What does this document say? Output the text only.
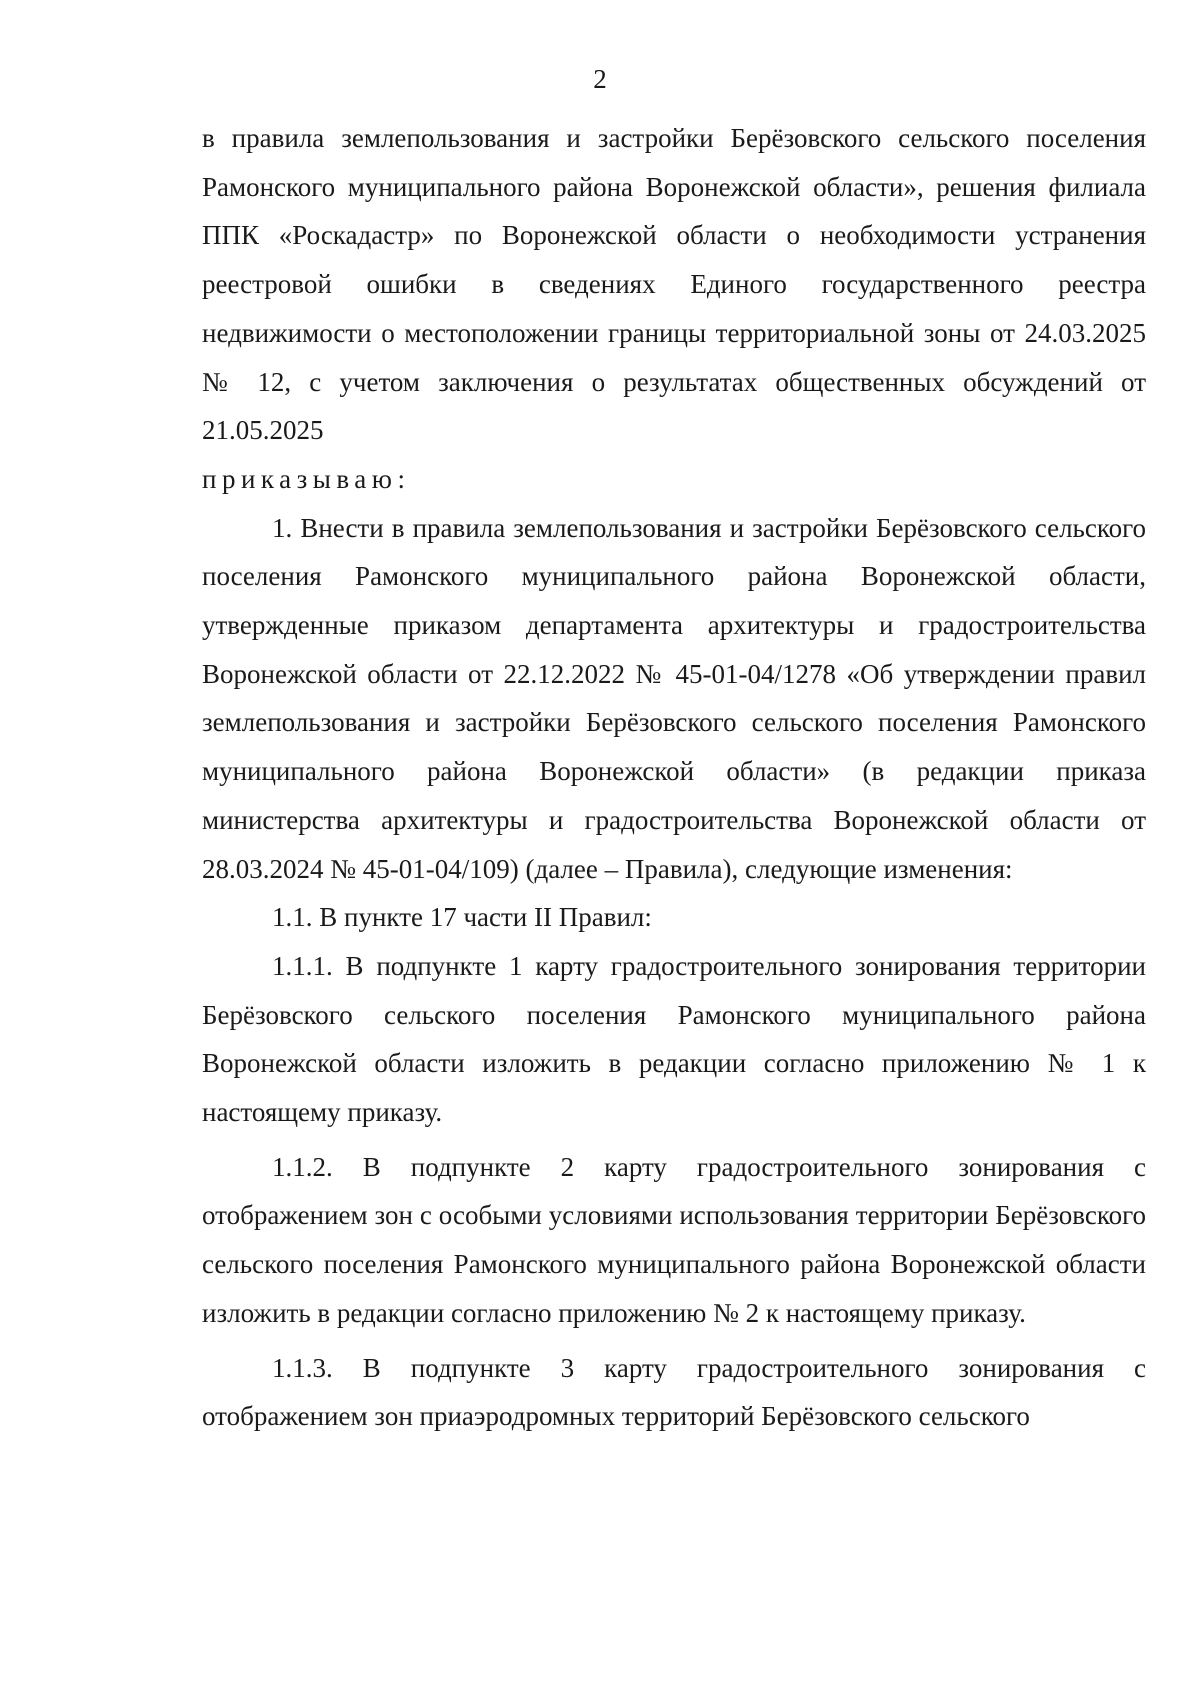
2

в правила землепользования и застройки Берёзовского сельского поселения Рамонского муниципального района Воронежской области», решения филиала ППК «Роскадастр» по Воронежской области о необходимости устранения реестровой ошибки в сведениях Единого государственного реестра недвижимости о местоположении границы территориальной зоны от 24.03.2025 № 12, с учетом заключения о результатах общественных обсуждений от 21.05.2025

приказываю:

1. Внести в правила землепользования и застройки Берёзовского сельского поселения Рамонского муниципального района Воронежской области, утвержденные приказом департамента архитектуры и градостроительства Воронежской области от 22.12.2022 № 45-01-04/1278 «Об утверждении правил землепользования и застройки Берёзовского сельского поселения Рамонского муниципального района Воронежской области» (в редакции приказа министерства архитектуры и градостроительства Воронежской области от 28.03.2024 № 45-01-04/109) (далее – Правила), следующие изменения:

1.1. В пункте 17 части II Правил:

1.1.1. В подпункте 1 карту градостроительного зонирования территории Берёзовского сельского поселения Рамонского муниципального района Воронежской области изложить в редакции согласно приложению № 1 к настоящему приказу.

1.1.2. В подпункте 2 карту градостроительного зонирования с отображением зон с особыми условиями использования территории Берёзовского сельского поселения Рамонского муниципального района Воронежской области изложить в редакции согласно приложению № 2 к настоящему приказу.

1.1.3. В подпункте 3 карту градостроительного зонирования с отображением зон приаэродромных территорий Берёзовского сельского
